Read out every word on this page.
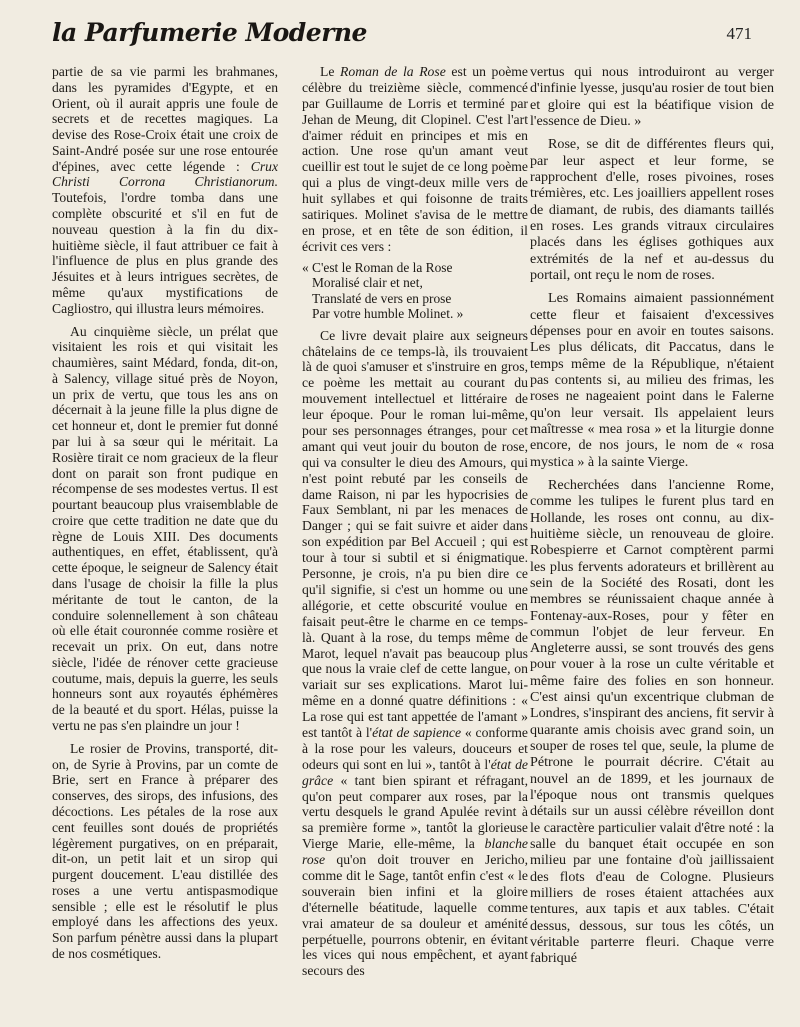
la Parfumerie Moderne	471

partie de sa vie parmi les brahmanes, dans les pyramides d'Egypte, et en Orient, où il aurait appris une foule de secrets et de recettes magiques. La devise des Rose-Croix était une croix de Saint-André posée sur une rose entourée d'épines, avec cette légende : Crux Christi Corrona Christianorum. Toutefois, l'ordre tomba dans une complète obscurité et s'il en fut de nouveau question à la fin du dix-huitième siècle, il faut attribuer ce fait à l'influence de plus en plus grande des Jésuites et à leurs intrigues secrètes, de même qu'aux mystifications de Cagliostro, qui illustra leurs mémoires.

Au cinquième siècle, un prélat que visitaient les rois et qui visitait les chaumières, saint Médard, fonda, dit-on, à Salency, village situé près de Noyon, un prix de vertu, que tous les ans on décernait à la jeune fille la plus digne de cet honneur et, dont le premier fut donné par lui à sa sœur qui le méritait. La Rosière tirait ce nom gracieux de la fleur dont on parait son front pudique en récompense de ses modestes vertus. Il est pourtant beaucoup plus vraisemblable de croire que cette tradition ne date que du règne de Louis XIII. Des documents authentiques, en effet, établissent, qu'à cette époque, le seigneur de Salency était dans l'usage de choisir la fille la plus méritante de tout le canton, de la conduire solennellement à son château où elle était couronnée comme rosière et recevait un prix. On eut, dans notre siècle, l'idée de rénover cette gracieuse coutume, mais, depuis la guerre, les seuls honneurs sont aux royautés éphémères de la beauté et du sport. Hélas, puisse la vertu ne pas s'en plaindre un jour !

Le rosier de Provins, transporté, dit-on, de Syrie à Provins, par un comte de Brie, sert en France à préparer des conserves, des sirops, des infusions, des décoctions. Les pétales de la rose aux cent feuilles sont doués de propriétés légèrement purgatives, on en préparait, dit-on, un petit lait et un sirop qui purgent doucement. L'eau distillée des roses a une vertu antispasmodique sensible ; elle est le résolutif le plus employé dans les affections des yeux. Son parfum pénètre aussi dans la plupart de nos cosmétiques.

Le Roman de la Rose est un poème célèbre du treizième siècle, commencé par Guillaume de Lorris et terminé par Jehan de Meung, dit Clopinel. C'est l'art d'aimer réduit en principes et mis en action. Une rose qu'un amant veut cueillir est tout le sujet de ce long poème qui a plus de vingt-deux mille vers de huit syllabes et qui foisonne de traits satiriques. Molinet s'avisa de le mettre en prose, et en tête de son édition, il écrivit ces vers :

« C'est le Roman de la Rose
Moralisé clair et net,
Translaté de vers en prose
Par votre humble Molinet. »

Ce livre devait plaire aux seigneurs châtelains de ce temps-là, ils trouvaient là de quoi s'amuser et s'instruire en gros, ce poème les mettait au courant du mouvement intellectuel et littéraire de leur époque. Pour le roman lui-même, pour ses personnages étranges, pour cet amant qui veut jouir du bouton de rose, qui va consulter le dieu des Amours, qui n'est point rebuté par les conseils de dame Raison, ni par les hypocrisies de Faux Semblant, ni par les menaces de Danger ; qui se fait suivre et aider dans son expédition par Bel Accueil ; qui est tour à tour si subtil et si énigmatique. Personne, je crois, n'a pu bien dire ce qu'il signifie, si c'est un homme ou une allégorie, et cette obscurité voulue en faisait peut-être le charme en ce temps-là. Quant à la rose, du temps même de Marot, lequel n'avait pas beaucoup plus que nous la vraie clef de cette langue, on variait sur ses explications. Marot lui-même en a donné quatre définitions : « La rose qui est tant appettée de l'amant » est tantôt à l'état de sapience « conforme à la rose pour les valeurs, douceurs et odeurs qui sont en lui », tantôt à l'état de grâce « tant bien spirant et réfragant, qu'on peut comparer aux roses, par la vertu desquels le grand Apulée revint à sa première forme », tantôt la glorieuse Vierge Marie, elle-même, la blanche rose qu'on doit trouver en Jericho, comme dit le Sage, tantôt enfin c'est « le souverain bien infini et la gloire d'éternelle béatitude, laquelle comme vrai amateur de sa douleur et aménité perpétuelle, pourrons obtenir, en évitant les vices qui nous empêchent, et ayant secours des

vertus qui nous introduiront au verger d'infinie lyesse, jusqu'au rosier de tout bien et gloire qui est la béatifique vision de l'essence de Dieu. »

Rose, se dit de différentes fleurs qui, par leur aspect et leur forme, se rapprochent d'elle, roses pivoines, roses trémières, etc. Les joailliers appellent roses de diamant, de rubis, des diamants taillés en roses. Les grands vitraux circulaires placés dans les églises gothiques aux extrémités de la nef et au-dessus du portail, ont reçu le nom de roses.

Les Romains aimaient passionnément cette fleur et faisaient d'excessives dépenses pour en avoir en toutes saisons. Les plus délicats, dit Paccatus, dans le temps même de la République, n'étaient pas contents si, au milieu des frimas, les roses ne nageaient point dans le Falerne qu'on leur versait. Ils appelaient leurs maîtresse « mea rosa » et la liturgie donne encore, de nos jours, le nom de « rosa mystica » à la sainte Vierge.

Recherchées dans l'ancienne Rome, comme les tulipes le furent plus tard en Hollande, les roses ont connu, au dix-huitième siècle, un renouveau de gloire. Robespierre et Carnot comptèrent parmi les plus fervents adorateurs et brillèrent au sein de la Société des Rosati, dont les membres se réunissaient chaque année à Fontenay-aux-Roses, pour y fêter en commun l'objet de leur ferveur. En Angleterre aussi, se sont trouvés des gens pour vouer à la rose un culte véritable et même faire des folies en son honneur. C'est ainsi qu'un excentrique clubman de Londres, s'inspirant des anciens, fit servir à quarante amis choisis avec grand soin, un souper de roses tel que, seule, la plume de Pétrone le pourrait décrire. C'était au nouvel an de 1899, et les journaux de l'époque nous ont transmis quelques détails sur un aussi célèbre réveillon dont le caractère particulier valait d'être noté : la salle du banquet était occupée en son milieu par une fontaine d'où jaillissaient des flots d'eau de Cologne. Plusieurs milliers de roses étaient attachées aux tentures, aux tapis et aux tables. C'était dessus, dessous, sur tous les côtés, un véritable parterre fleuri. Chaque verre fabriqué
